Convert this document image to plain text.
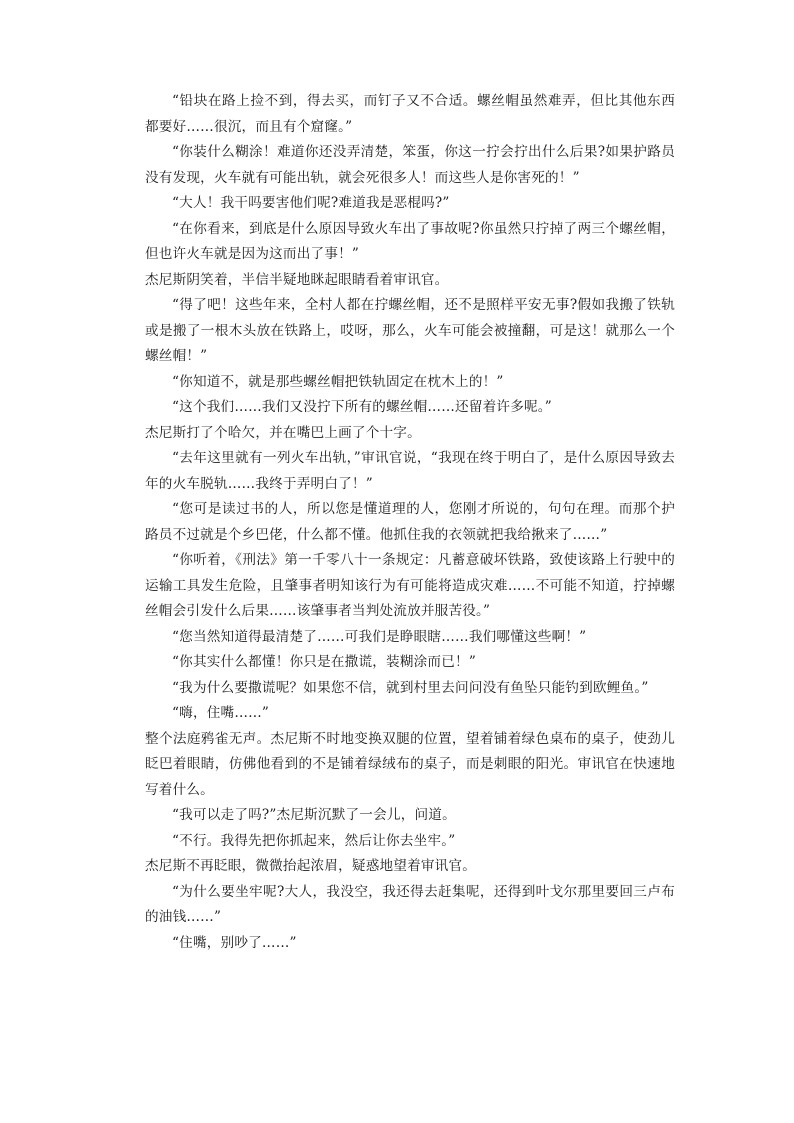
“铅块在路上捡不到，得去买，而钉子又不合适。螺丝帽虽然难弄，但比其他东西都要好……很沉，而且有个窟窿。”

“你装什么糊涂！难道你还没弄清楚，笨蛋，你这一拧会拧出什么后果?如果护路员没有发现，火车就有可能出轨，就会死很多人！而这些人是你害死的！”

“大人！我干吗要害他们呢?难道我是恶棍吗?”

“在你看来，到底是什么原因导致火车出了事故呢?你虽然只拧掉了两三个螺丝帽，但也许火车就是因为这而出了事！”

杰尼斯阴笑着，半信半疑地眯起眼睛看着审讯官。

“得了吧！这些年来，全村人都在拧螺丝帽，还不是照样平安无事?假如我搬了铁轨或是搬了一根木头放在铁路上，哎呀，那么，火车可能会被撞翻，可是这！就那么一个螺丝帽！”

“你知道不，就是那些螺丝帽把铁轨固定在枕木上的！”

“这个我们……我们又没拧下所有的螺丝帽……还留着许多呢。”

杰尼斯打了个哈欠，并在嘴巴上画了个十字。

“去年这里就有一列火车出轨，”审讯官说，“我现在终于明白了，是什么原因导致去年的火车脱轨……我终于弄明白了！”

“您可是读过书的人，所以您是懂道理的人，您刚才所说的，句句在理。而那个护路员不过就是个乡巴佬，什么都不懂。他抓住我的衣领就把我给揪来了……”

“你听着，《刑法》第一千零八十一条规定：凡蓄意破坏铁路，致使该路上行驶中的运输工具发生危险，且肇事者明知该行为有可能将造成灾难……不可能不知道，拧掉螺丝帽会引发什么后果……该肇事者当判处流放并服苦役。”

“您当然知道得最清楚了……可我们是睁眼瞎……我们哪懂这些啊！”

“你其实什么都懂！你只是在撒谎，装糊涂而已！”

“我为什么要撒谎呢？如果您不信，就到村里去问问没有鱼坠只能钓到欧鲤鱼。”

“嗨，住嘴……”

整个法庭鸦雀无声。杰尼斯不时地变换双腿的位置，望着铺着绿色桌布的桌子，使劲儿眨巴着眼睛，仿佛他看到的不是铺着绿绒布的桌子，而是刺眼的阳光。审讯官在快速地写着什么。

“我可以走了吗?”杰尼斯沉默了一会儿，问道。

“不行。我得先把你抓起来，然后让你去坐牢。”

杰尼斯不再眨眼，微微抬起浓眉，疑惑地望着审讯官。

“为什么要坐牢呢?大人，我没空，我还得去赶集呢，还得到叶戈尔那里要回三卢布的油钱……”

“住嘴，别吵了……”
